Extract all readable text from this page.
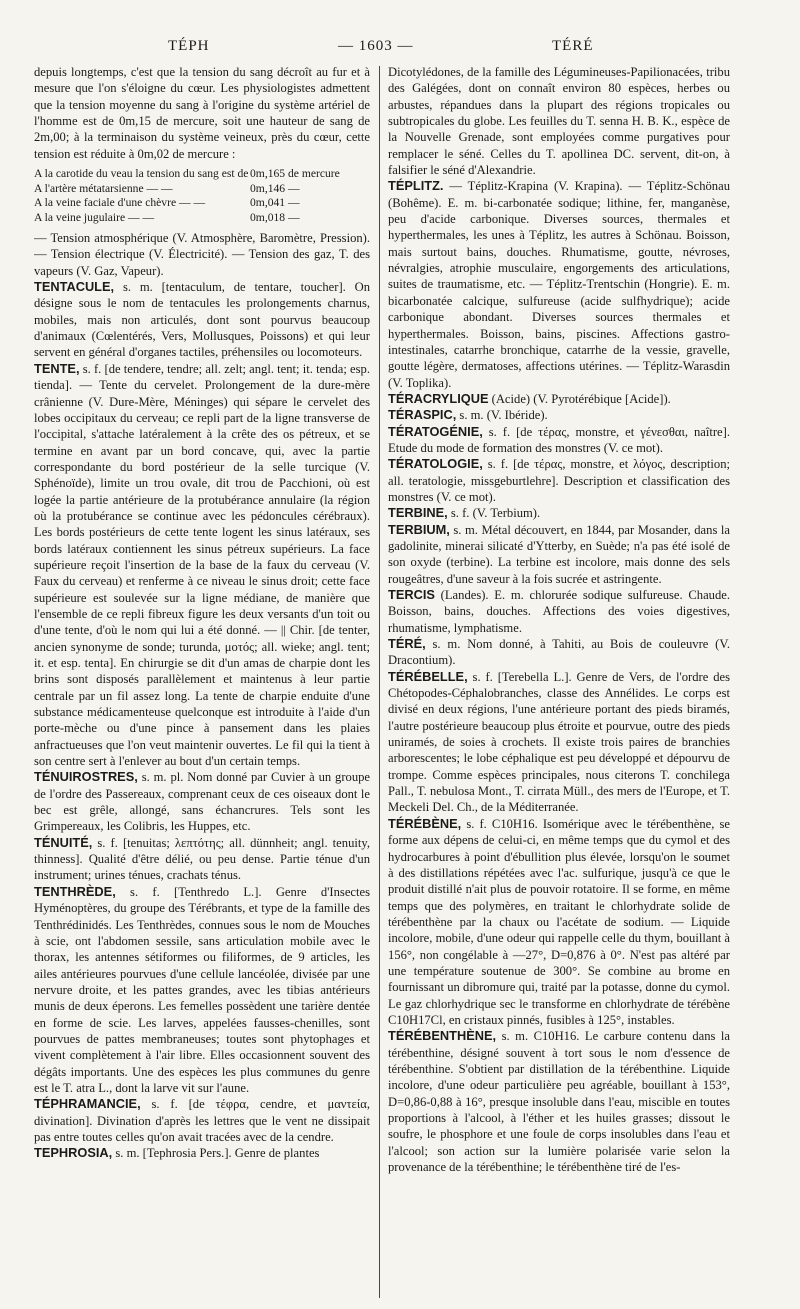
TÉPH	— 1603 —	TÉRÉ

depuis longtemps, c'est que la tension du sang décroît au fur et à mesure que l'on s'éloigne du cœur. Les physiologistes admettent que la tension moyenne du sang à l'origine du système artériel de l'homme est de 0m,15 de mercure, soit une hauteur de sang de 2m,00; à la terminaison du système veineux, près du cœur, cette tension est réduite à 0m,02 de mercure :

A la carotide du veau la tension du sang est de 0m,165 de mercure
A l'artère métatarsienne — —	0m,146 —
A la veine faciale d'une chèvre — —	0m,041 —
A la veine jugulaire — —	0m,018 —

— Tension atmosphérique (V. Atmosphère, Baromètre, Pression). — Tension électrique (V. Électricité). — Tension des gaz, T. des vapeurs (V. Gaz, Vapeur).

TENTACULE, s. m. [tentaculum, de tentare, toucher]. On désigne sous le nom de tentacules les prolongements charnus, mobiles, mais non articulés, dont sont pourvus beaucoup d'animaux (Cœlentérés, Vers, Mollusques, Poissons) et qui leur servent en général d'organes tactiles, préhensiles ou locomoteurs.

TENTE, s. f. [de tendere, tendre; all. zelt; angl. tent; it. tenda; esp. tienda]. — Tente du cervelet. Prolongement de la dure-mère crânienne (V. Dure-Mère, Méninges) qui sépare le cervelet des lobes occipitaux du cerveau; ce repli part de la ligne transverse de l'occipital, s'attache latéralement à la crête des os pétreux, et se termine en avant par un bord concave, qui, avec la partie correspondante du bord postérieur de la selle turcique (V. Sphénoïde), limite un trou ovale, dit trou de Pacchioni, où est logée la partie antérieure de la protubérance annulaire (la région où la protubérance se continue avec les pédoncules cérébraux). Les bords postérieurs de cette tente logent les sinus latéraux, ses bords latéraux contiennent les sinus pétreux supérieurs. La face supérieure reçoit l'insertion de la base de la faux du cerveau (V. Faux du cerveau) et renferme à ce niveau le sinus droit; cette face supérieure est soulevée sur la ligne médiane, de manière que l'ensemble de ce repli fibreux figure les deux versants d'un toit ou d'une tente, d'où le nom qui lui a été donné. — || Chir. [de tenter, ancien synonyme de sonde; turunda, μοτός; all. wieke; angl. tent; it. et esp. tenta]. En chirurgie se dit d'un amas de charpie dont les brins sont disposés parallèlement et maintenus à leur partie centrale par un fil assez long. La tente de charpie enduite d'une substance médicamenteuse quelconque est introduite à l'aide d'un porte-mèche ou d'une pince à pansement dans les plaies anfractueuses que l'on veut maintenir ouvertes. Le fil qui la tient à son centre sert à l'enlever au bout d'un certain temps.

TÉNUIROSTRES, s. m. pl. Nom donné par Cuvier à un groupe de l'ordre des Passereaux, comprenant ceux de ces oiseaux dont le bec est grêle, allongé, sans échancrures. Tels sont les Grimpereaux, les Colibris, les Huppes, etc.

TÉNUITÉ, s. f. [tenuitas; λεπτότης; all. dünnheit; angl. tenuity, thinness]. Qualité d'être délié, ou peu dense. Partie ténue d'un instrument; urines ténues, crachats ténus.

TENTHRÈDE, s. f. [Tenthredo L.]. Genre d'Insectes Hyménoptères, du groupe des Térébrants, et type de la famille des Tenthrédinidés. Les Tenthrèdes, connues sous le nom de Mouches à scie, ont l'abdomen sessile, sans articulation mobile avec le thorax, les antennes sétiformes ou filiformes, de 9 articles, les ailes antérieures pourvues d'une cellule lancéolée, divisée par une nervure droite, et les pattes grandes, avec les tibias antérieurs munis de deux éperons. Les femelles possèdent une tarière dentée en forme de scie. Les larves, appelées fausses-chenilles, sont pourvues de pattes membraneuses; toutes sont phytophages et vivent complètement à l'air libre. Elles occasionnent souvent des dégâts importants. Une des espèces les plus communes du genre est le T. atra L., dont la larve vit sur l'aune.

TÉPHRAMANCIE, s. f. [de τέφρα, cendre, et μαντεία, divination]. Divination d'après les lettres que le vent ne dissipait pas entre toutes celles qu'on avait tracées avec de la cendre.

TEPHROSIA, s. m. [Tephrosia Pers.]. Genre de plantes

Dicotylédones, de la famille des Légumineuses-Papilionacées, tribu des Galégées, dont on connaît environ 80 espèces, herbes ou arbustes, répandues dans la plupart des régions tropicales ou subtropicales du globe. Les feuilles du T. senna H. B. K., espèce de la Nouvelle Grenade, sont employées comme purgatives pour remplacer le séné. Celles du T. apollinea DC. servent, dit-on, à falsifier le séné d'Alexandrie.

TÉPLITZ. — Téplitz-Krapina (V. Krapina). — Téplitz-Schönau (Bohême). E. m. bi-carbonatée sodique; lithine, fer, manganèse, peu d'acide carbonique. Diverses sources, thermales et hyperthermales, les unes à Téplitz, les autres à Schönau. Boisson, mais surtout bains, douches. Rhumatisme, goutte, névroses, névralgies, atrophie musculaire, engorgements des articulations, suites de traumatisme, etc. — Téplitz-Trentschin (Hongrie). E. m. bicarbonatée calcique, sulfureuse (acide sulfhydrique); acide carbonique abondant. Diverses sources thermales et hyperthermales. Boisson, bains, piscines. Affections gastro-intestinales, catarrhe bronchique, catarrhe de la vessie, gravelle, goutte légère, dermatoses, affections utérines. — Téplitz-Warasdin (V. Toplika).

TÉRACRYLIQUE (Acide) (V. Pyrotérébique [Acide]).

TÉRASPIC, s. m. (V. Ibéride).

TÉRATOGÉNIE, s. f. [de τέρας, monstre, et γένεσθαι, naître]. Etude du mode de formation des monstres (V. ce mot).

TÉRATOLOGIE, s. f. [de τέρας, monstre, et λόγος, description; all. teratologie, missgeburtlehre]. Description et classification des monstres (V. ce mot).

TERBINE, s. f. (V. Terbium).

TERBIUM, s. m. Métal découvert, en 1844, par Mosander, dans la gadolinite, minerai silicaté d'Ytterby, en Suède; n'a pas été isolé de son oxyde (terbine). La terbine est incolore, mais donne des sels rougeâtres, d'une saveur à la fois sucrée et astringente.

TERCIS (Landes). E. m. chlorurée sodique sulfureuse. Chaude. Boisson, bains, douches. Affections des voies digestives, rhumatisme, lymphatisme.

TÉRÉ, s. m. Nom donné, à Tahiti, au Bois de couleuvre (V. Dracontium).

TÉRÉBELLE, s. f. [Terebella L.]. Genre de Vers, de l'ordre des Chétopodes-Céphalobranches, classe des Annélides. Le corps est divisé en deux régions, l'une antérieure portant des pieds biramés, l'autre postérieure beaucoup plus étroite et pourvue, outre des pieds uniramés, de soies à crochets. Il existe trois paires de branchies arborescentes; le lobe céphalique est peu développé et dépourvu de trompe. Comme espèces principales, nous citerons T. conchilega Pall., T. nebulosa Mont., T. cirrata Müll., des mers de l'Europe, et T. Meckeli Del. Ch., de la Méditerranée.

TÉRÉBÈNE, s. f. C10H16. Isomérique avec le térébenthène, se forme aux dépens de celui-ci, en même temps que du cymol et des hydrocarbures à point d'ébullition plus élevée, lorsqu'on le soumet à des distillations répétées avec l'ac. sulfurique, jusqu'à ce que le produit distillé n'ait plus de pouvoir rotatoire. Il se forme, en même temps que des polymères, en traitant le chlorhydrate solide de térébenthène par la chaux ou l'acétate de sodium. — Liquide incolore, mobile, d'une odeur qui rappelle celle du thym, bouillant à 156°, non congélable à —27°, D=0,876 à 0°. N'est pas altéré par une température soutenue de 300°. Se combine au brome en fournissant un dibromure qui, traité par la potasse, donne du cymol. Le gaz chlorhydrique sec le transforme en chlorhydrate de térébène C10H17Cl, en cristaux pinnés, fusibles à 125°, instables.

TÉRÉBENTHÈNE, s. m. C10H16. Le carbure contenu dans la térébenthine, désigné souvent à tort sous le nom d'essence de térébenthine. S'obtient par distillation de la térébenthine. Liquide incolore, d'une odeur particulière peu agréable, bouillant à 153°, D=0,86-0,88 à 16°, presque insoluble dans l'eau, miscible en toutes proportions à l'alcool, à l'éther et les huiles grasses; dissout le soufre, le phosphore et une foule de corps insolubles dans l'eau et l'alcool; son action sur la lumière polarisée varie selon la provenance de la térébenthine; le térébenthène tiré de l'es-
